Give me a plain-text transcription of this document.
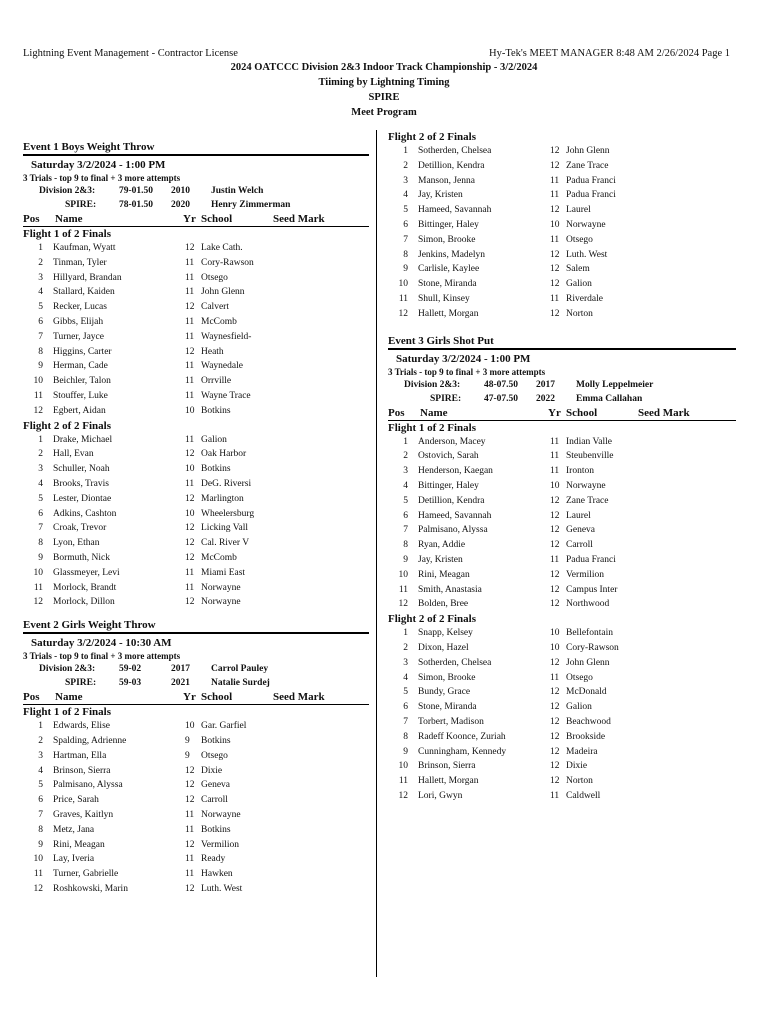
Lightning Event Management - Contractor License	Hy-Tek's MEET MANAGER 8:48 AM 2/26/2024 Page 1
2024 OATCCC Division 2&3 Indoor Track Championship - 3/2/2024
Tiiming by Lightning Timing
SPIRE
Meet Program
Event 1 Boys Weight Throw
Saturday 3/2/2024 - 1:00 PM
3 Trials - top 9 to final + 3 more attempts
Division 2&3:	79-01.50 2010 Justin Welch
SPIRE: 78-01.50 2020 Henry Zimmerman
Pos Name	Yr School	Seed Mark
Flight 1 of 2 Finals
1 Kaufman, Wyatt	12 Lake Cath.
2 Tinman, Tyler	11 Cory-Rawson
3 Hillyard, Brandan	11 Otsego
4 Stallard, Kaiden	11 John Glenn
5 Recker, Lucas	12 Calvert
6 Gibbs, Elijah	11 McComb
7 Turner, Jayce	11 Waynesfield-
8 Higgins, Carter	12 Heath
9 Herman, Cade	11 Waynedale
10 Beichler, Talon	11 Orrville
11 Stouffer, Luke	11 Wayne Trace
12 Egbert, Aidan	10 Botkins
Flight 2 of 2 Finals
1 Drake, Michael	11 Galion
2 Hall, Evan	12 Oak Harbor
3 Schuller, Noah	10 Botkins
4 Brooks, Travis	11 DeG. Riversi
5 Lester, Diontae	12 Marlington
6 Adkins, Cashton	10 Wheelersburg
7 Croak, Trevor	12 Licking Vall
8 Lyon, Ethan	12 Cal. River V
9 Bormuth, Nick	12 McComb
10 Glassmeyer, Levi	11 Miami East
11 Morlock, Brandt	11 Norwayne
12 Morlock, Dillon	12 Norwayne
Event 2 Girls Weight Throw
Saturday 3/2/2024 - 10:30 AM
3 Trials - top 9 to final + 3 more attempts
Division 2&3:	59-02	2017 Carrol Pauley
SPIRE: 59-03	2021 Natalie Surdej
Pos Name	Yr School	Seed Mark
Flight 1 of 2 Finals
1 Edwards, Elise	10 Gar. Garfiel
2 Spalding, Adrienne	9 Botkins
3 Hartman, Ella	9 Otsego
4 Brinson, Sierra	12 Dixie
5 Palmisano, Alyssa	12 Geneva
6 Price, Sarah	12 Carroll
7 Graves, Kaitlyn	11 Norwayne
8 Metz, Jana	11 Botkins
9 Rini, Meagan	12 Vermilion
10 Lay, Iveria	11 Ready
11 Turner, Gabrielle	11 Hawken
12 Roshkowski, Marin	12 Luth. West
Flight 2 of 2 Finals
1 Sotherden, Chelsea	12 John Glenn
2 Detillion, Kendra	12 Zane Trace
3 Manson, Jenna	11 Padua Franci
4 Jay, Kristen	11 Padua Franci
5 Hameed, Savannah	12 Laurel
6 Bittinger, Haley	10 Norwayne
7 Simon, Brooke	11 Otsego
8 Jenkins, Madelyn	12 Luth. West
9 Carlisle, Kaylee	12 Salem
10 Stone, Miranda	12 Galion
11 Shull, Kinsey	11 Riverdale
12 Hallett, Morgan	12 Norton
Event 3 Girls Shot Put
Saturday 3/2/2024 - 1:00 PM
3 Trials - top 9 to final + 3 more attempts
Division 2&3:	48-07.50 2017 Molly Leppelmeier
SPIRE: 47-07.50 2022 Emma Callahan
Pos Name	Yr School	Seed Mark
Flight 1 of 2 Finals
1 Anderson, Macey	11 Indian Valle
2 Ostovich, Sarah	11 Steubenville
3 Henderson, Kaegan	11 Ironton
4 Bittinger, Haley	10 Norwayne
5 Detillion, Kendra	12 Zane Trace
6 Hameed, Savannah	12 Laurel
7 Palmisano, Alyssa	12 Geneva
8 Ryan, Addie	12 Carroll
9 Jay, Kristen	11 Padua Franci
10 Rini, Meagan	12 Vermilion
11 Smith, Anastasia	12 Campus Inter
12 Bolden, Bree	12 Northwood
Flight 2 of 2 Finals
1 Snapp, Kelsey	10 Bellefontain
2 Dixon, Hazel	10 Cory-Rawson
3 Sotherden, Chelsea	12 John Glenn
4 Simon, Brooke	11 Otsego
5 Bundy, Grace	12 McDonald
6 Stone, Miranda	12 Galion
7 Torbert, Madison	12 Beachwood
8 Radeff Koonce, Zuriah	12 Brookside
9 Cunningham, Kennedy	12 Madeira
10 Brinson, Sierra	12 Dixie
11 Hallett, Morgan	12 Norton
12 Lori, Gwyn	11 Caldwell
